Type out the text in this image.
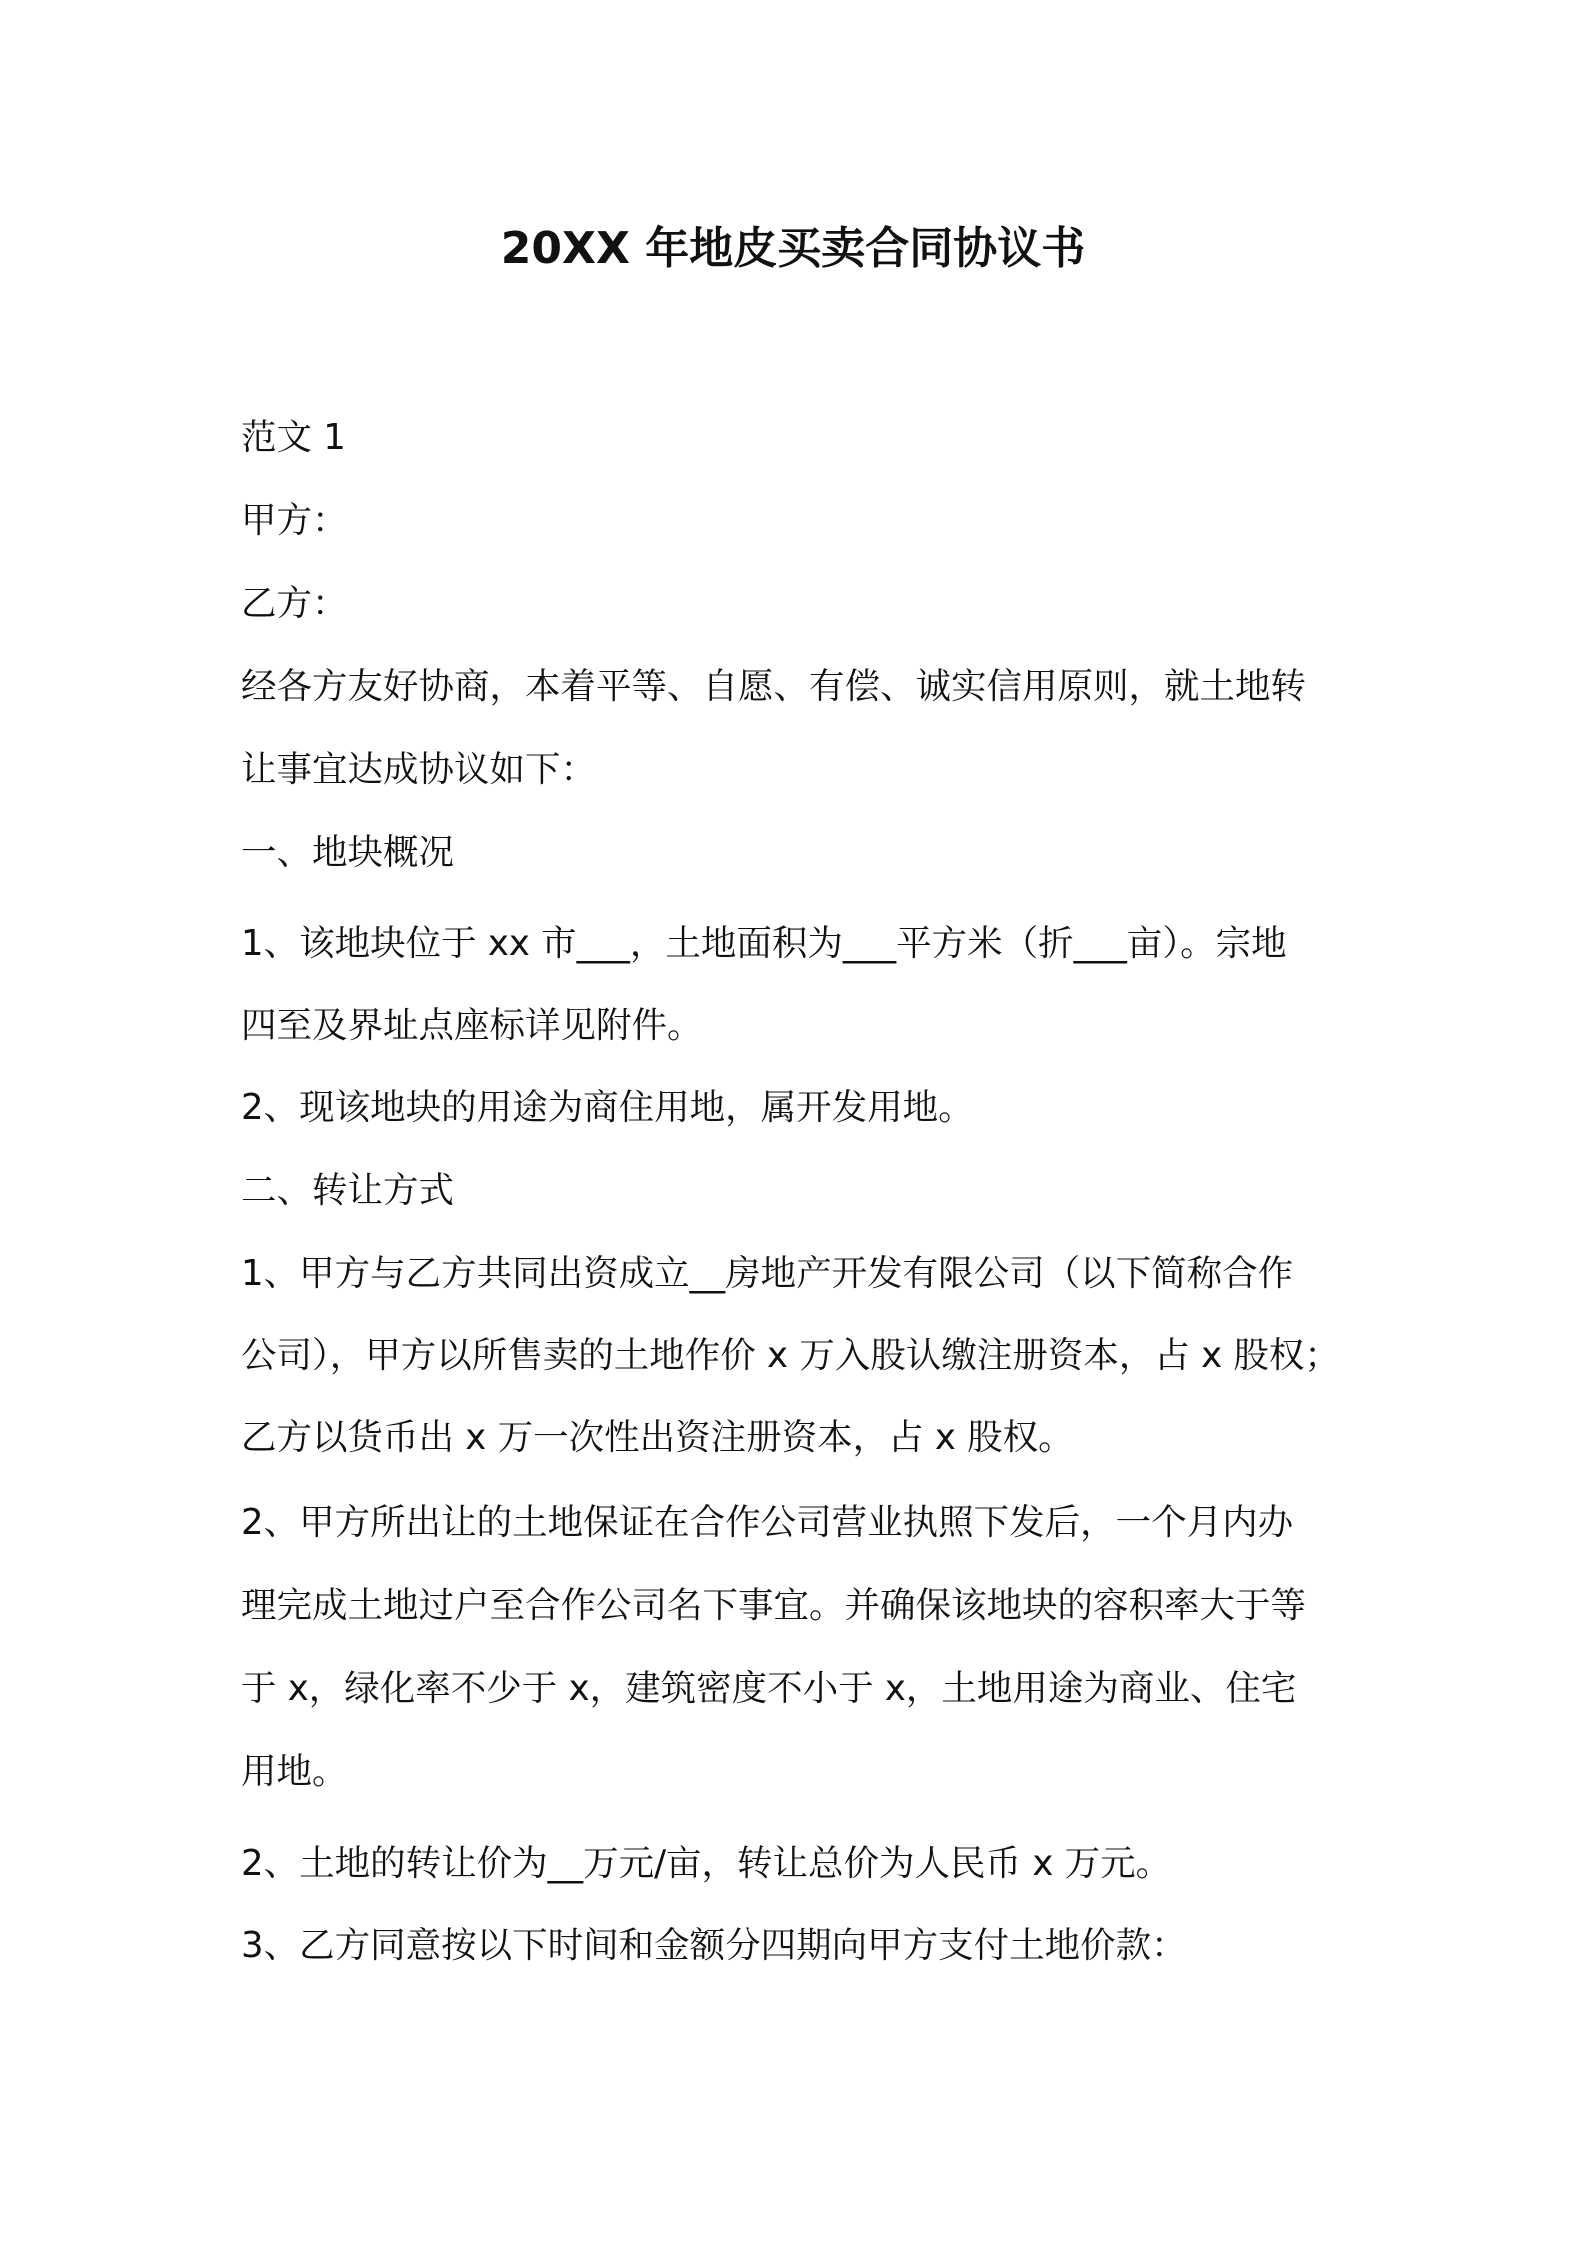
20XX 年地皮买卖合同协议书
范文 1
甲方：
乙方：
经各方友好协商，本着平等、自愿、有偿、诚实信用原则，就土地转
让事宜达成协议如下：
一、地块概况
1、该地块位于 xx 市___，土地面积为___平方米（折___亩）。宗地
四至及界址点座标详见附件。
2、现该地块的用途为商住用地，属开发用地。
二、转让方式
1、甲方与乙方共同出资成立__房地产开发有限公司（以下简称合作
公司），甲方以所售卖的土地作价 x 万入股认缴注册资本，占 x 股权；
乙方以货币出 x 万一次性出资注册资本，占 x 股权。
2、甲方所出让的土地保证在合作公司营业执照下发后，一个月内办
理完成土地过户至合作公司名下事宜。并确保该地块的容积率大于等
于 x，绿化率不少于 x，建筑密度不小于 x，土地用途为商业、住宅
用地。
2、土地的转让价为__万元/亩，转让总价为人民币 x 万元。
3、乙方同意按以下时间和金额分四期向甲方支付土地价款：
